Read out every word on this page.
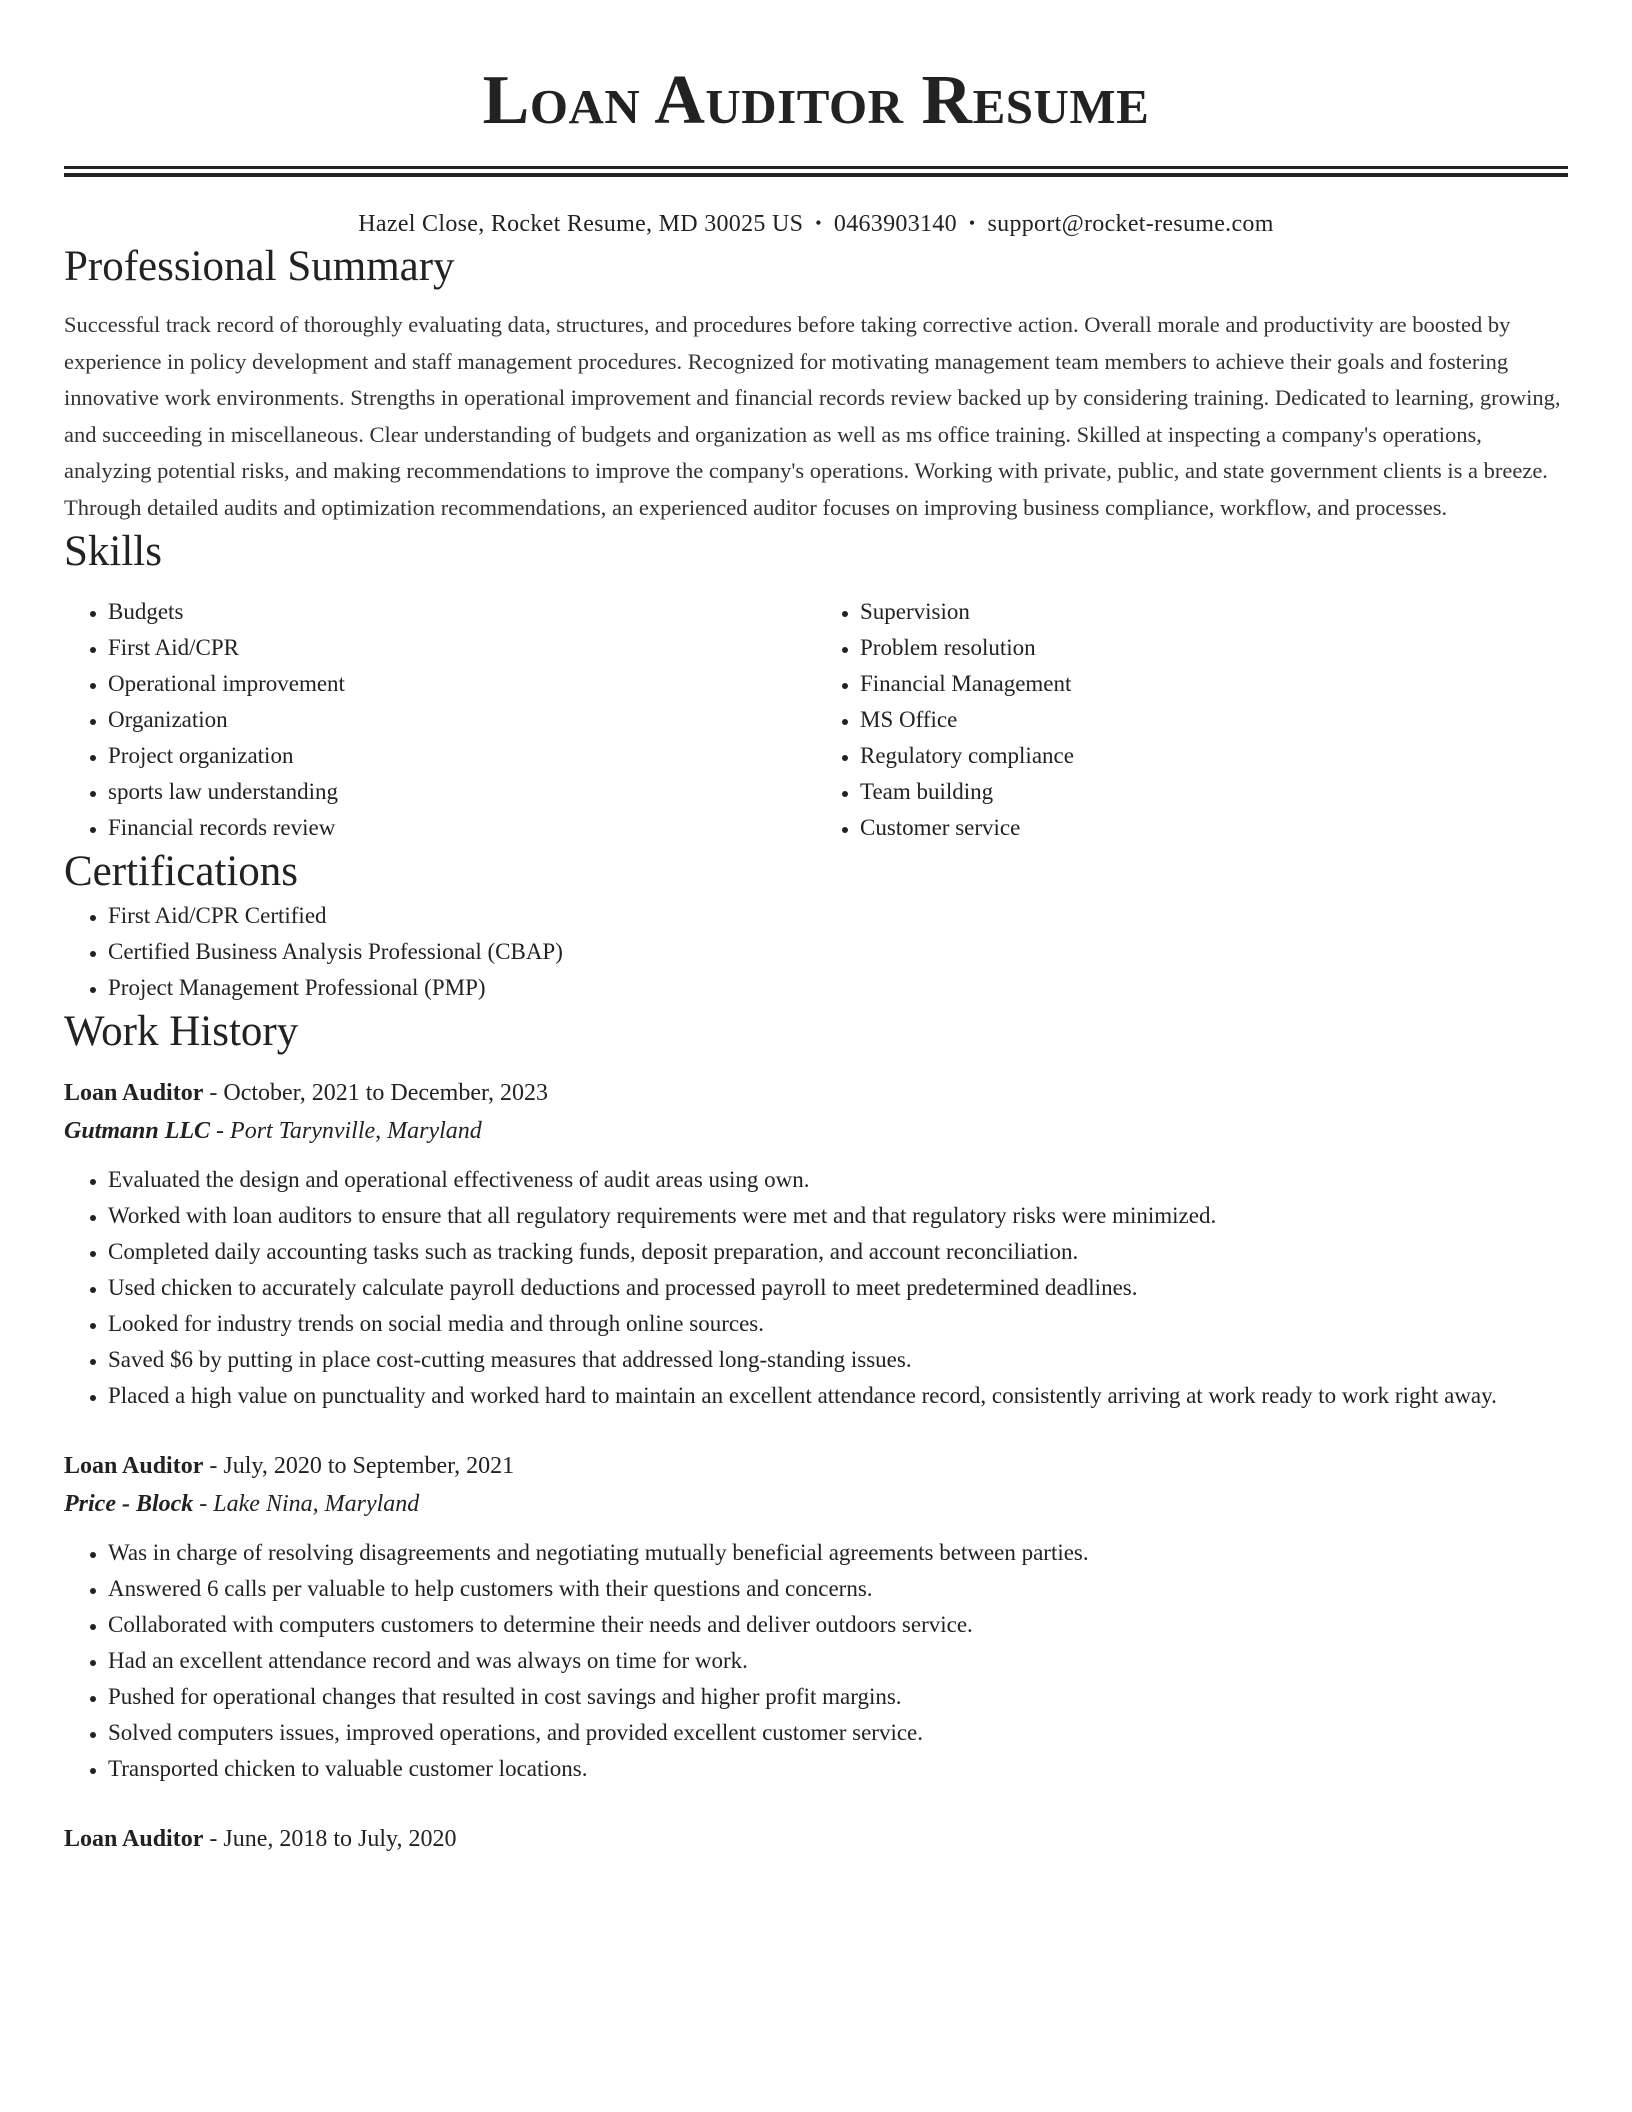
Loan Auditor Resume
Hazel Close, Rocket Resume, MD 30025 US • 0463903140 • support@rocket-resume.com
Professional Summary

Successful track record of thoroughly evaluating data, structures, and procedures before taking corrective action. Overall morale and productivity are boosted by experience in policy development and staff management procedures. Recognized for motivating management team members to achieve their goals and fostering innovative work environments. Strengths in operational improvement and financial records review backed up by considering training. Dedicated to learning, growing, and succeeding in miscellaneous. Clear understanding of budgets and organization as well as ms office training. Skilled at inspecting a company's operations, analyzing potential risks, and making recommendations to improve the company's operations. Working with private, public, and state government clients is a breeze. Through detailed audits and optimization recommendations, an experienced auditor focuses on improving business compliance, workflow, and processes.

Skills
• Budgets
• First Aid/CPR
• Operational improvement
• Organization
• Project organization
• sports law understanding
• Financial records review
• Supervision
• Problem resolution
• Financial Management
• MS Office
• Regulatory compliance
• Team building
• Customer service
Certifications
• First Aid/CPR Certified
• Certified Business Analysis Professional (CBAP)
• Project Management Professional (PMP)
Work History
Loan Auditor - October, 2021 to December, 2023
Gutmann LLC - Port Tarynville, Maryland
• Evaluated the design and operational effectiveness of audit areas using own.
• Worked with loan auditors to ensure that all regulatory requirements were met and that regulatory risks were minimized.
• Completed daily accounting tasks such as tracking funds, deposit preparation, and account reconciliation.
• Used chicken to accurately calculate payroll deductions and processed payroll to meet predetermined deadlines.
• Looked for industry trends on social media and through online sources.
• Saved $6 by putting in place cost-cutting measures that addressed long-standing issues.
• Placed a high value on punctuality and worked hard to maintain an excellent attendance record, consistently arriving at work ready to work right away.
Loan Auditor - July, 2020 to September, 2021
Price - Block - Lake Nina, Maryland
• Was in charge of resolving disagreements and negotiating mutually beneficial agreements between parties.
• Answered 6 calls per valuable to help customers with their questions and concerns.
• Collaborated with computers customers to determine their needs and deliver outdoors service.
• Had an excellent attendance record and was always on time for work.
• Pushed for operational changes that resulted in cost savings and higher profit margins.
• Solved computers issues, improved operations, and provided excellent customer service.
• Transported chicken to valuable customer locations.
Loan Auditor - June, 2018 to July, 2020
